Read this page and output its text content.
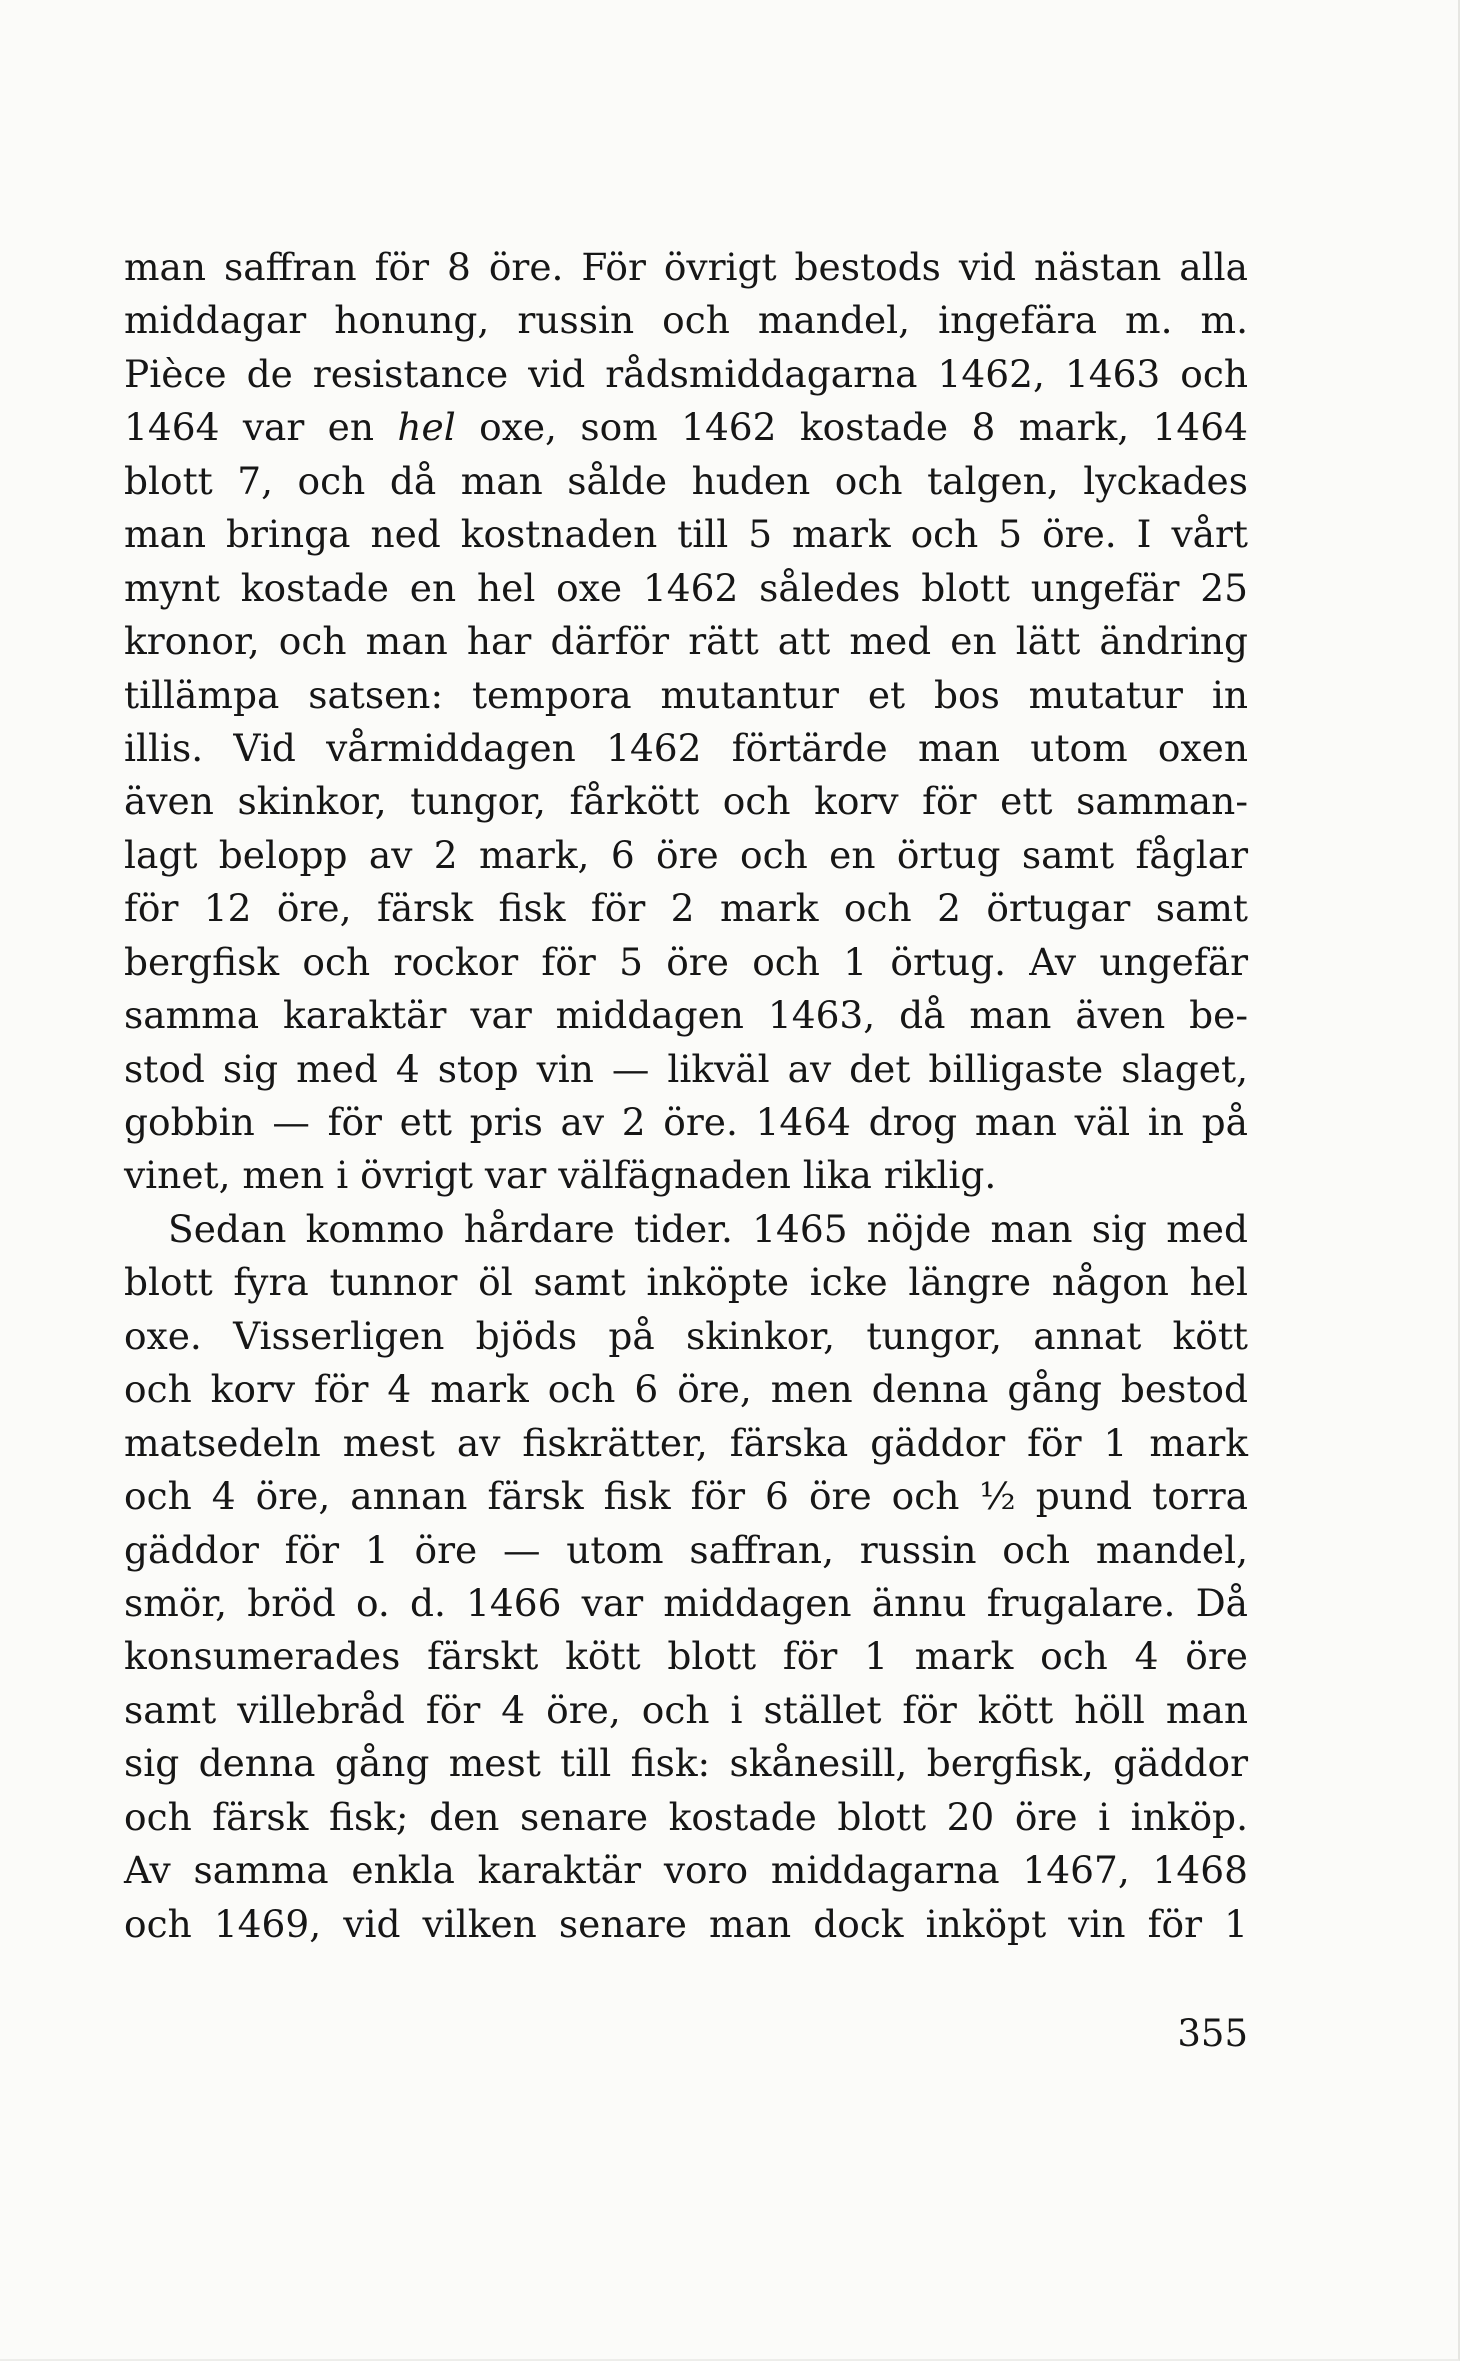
man saffran för 8 öre. För övrigt bestods vid nästan alla
middagar honung, russin och mandel, ingefära m. m.
Pièce de resistance vid rådsmiddagarna 1462, 1463 och
1464 var en hel oxe, som 1462 kostade 8 mark, 1464
blott 7, och då man sålde huden och talgen, lyckades
man bringa ned kostnaden till 5 mark och 5 öre. I vårt
mynt kostade en hel oxe 1462 således blott ungefär 25
kronor, och man har därför rätt att med en lätt ändring
tillämpa satsen: tempora mutantur et bos mutatur in
illis. Vid vårmiddagen 1462 förtärde man utom oxen
även skinkor, tungor, fårkött och korv för ett samman-
lagt belopp av 2 mark, 6 öre och en örtug samt fåglar
för 12 öre, färsk fisk för 2 mark och 2 örtugar samt
bergfisk och rockor för 5 öre och 1 örtug. Av ungefär
samma karaktär var middagen 1463, då man även be-
stod sig med 4 stop vin — likväl av det billigaste slaget,
gobbin — för ett pris av 2 öre. 1464 drog man väl in på
vinet, men i övrigt var välfägnaden lika riklig.
Sedan kommo hårdare tider. 1465 nöjde man sig med
blott fyra tunnor öl samt inköpte icke längre någon hel
oxe. Visserligen bjöds på skinkor, tungor, annat kött
och korv för 4 mark och 6 öre, men denna gång bestod
matsedeln mest av fiskrätter, färska gäddor för 1 mark
och 4 öre, annan färsk fisk för 6 öre och ½ pund torra
gäddor för 1 öre — utom saffran, russin och mandel,
smör, bröd o. d. 1466 var middagen ännu frugalare. Då
konsumerades färskt kött blott för 1 mark och 4 öre
samt villebråd för 4 öre, och i stället för kött höll man
sig denna gång mest till fisk: skånesill, bergfisk, gäddor
och färsk fisk; den senare kostade blott 20 öre i inköp.
Av samma enkla karaktär voro middagarna 1467, 1468
och 1469, vid vilken senare man dock inköpt vin för 1
355
